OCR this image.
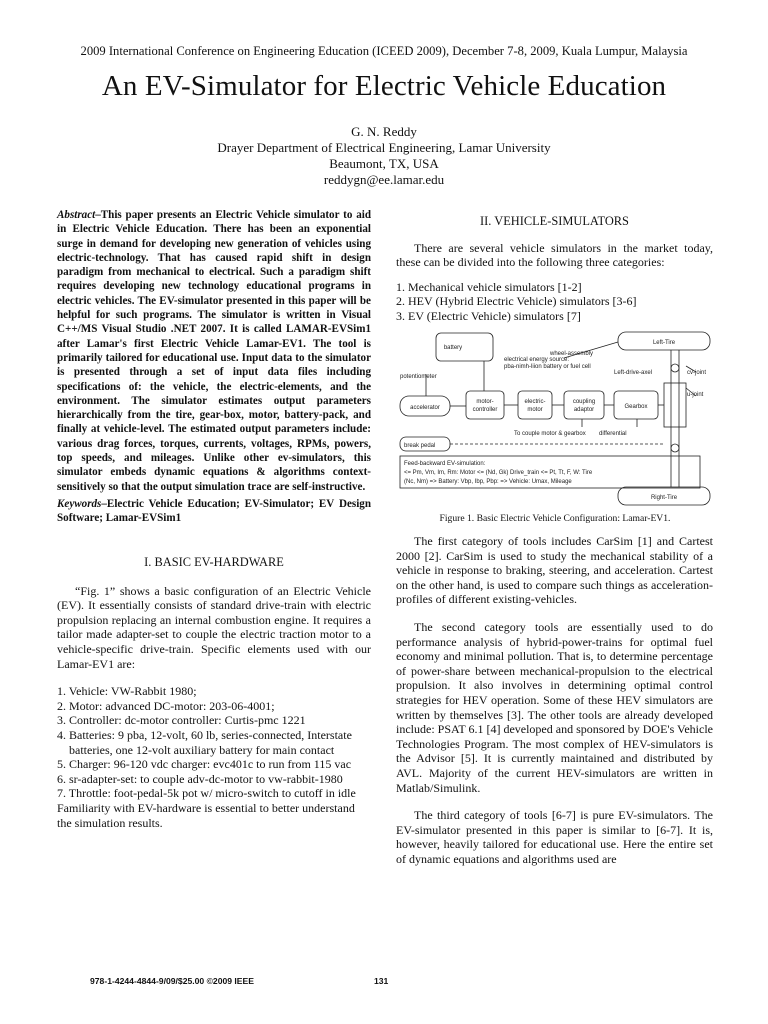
2009 International Conference on Engineering Education (ICEED 2009), December 7-8, 2009, Kuala Lumpur, Malaysia
An EV-Simulator for Electric Vehicle Education
G. N. Reddy
Drayer Department of Electrical Engineering, Lamar University
Beaumont, TX, USA
reddygn@ee.lamar.edu
Abstract–This paper presents an Electric Vehicle simulator to aid in Electric Vehicle Education. There has been an exponential surge in demand for developing new generation of vehicles using electric-technology. That has caused rapid shift in design paradigm from mechanical to electrical. Such a paradigm shift requires developing new technology educational programs in electric vehicles. The EV-simulator presented in this paper will be helpful for such programs. The simulator is written in Visual C++/MS Visual Studio .NET 2007. It is called LAMAR-EVSim1 after Lamar's first Electric Vehicle Lamar-EV1. The tool is primarily tailored for educational use. Input data to the simulator is presented through a set of input data files including specifications of: the vehicle, the electric-elements, and the environment. The simulator estimates output parameters hierarchically from the tire, gear-box, motor, battery-pack, and finally at vehicle-level. The estimated output parameters include: various drag forces, torques, currents, voltages, RPMs, powers, top speeds, and mileages. Unlike other ev-simulators, this simulator embeds dynamic equations & algorithms context-sensitively so that the output simulation trace are self-instructive.
Keywords–Electric Vehicle Education; EV-Simulator; EV Design Software; Lamar-EVSim1
I. BASIC EV-HARDWARE

“Fig. 1” shows a basic configuration of an Electric Vehicle (EV). It essentially consists of standard drive-train with electric propulsion replacing an internal combustion engine. It requires a tailor made adapter-set to couple the electric traction motor to a vehicle-specific drive-train. Specific elements used with our Lamar-EV1 are:

1. Vehicle: VW-Rabbit 1980;
2. Motor: advanced DC-motor: 203-06-4001;
3. Controller: dc-motor controller: Curtis-pmc 1221
4. Batteries: 9 pba, 12-volt, 60 lb, series-connected, Interstate batteries, one 12-volt auxiliary battery for main contact
5. Charger: 96-120 vdc charger: evc401c to run from 115 vac
6. sr-adapter-set: to couple adv-dc-motor to vw-rabbit-1980
7. Throttle: foot-pedal-5k pot w/ micro-switch to cutoff in idle
Familiarity with EV-hardware is essential to better understand the simulation results.
II. VEHICLE-SIMULATORS

There are several vehicle simulators in the market today, these can be divided into the following three categories:

1. Mechanical vehicle simulators [1-2]
2. HEV (Hybrid Electric Vehicle) simulators [3-6]
3. EV (Electric Vehicle) simulators [7]
battery
electrical energy source:
pba-nimh-liion battery or fuel cell
wheel-assembly
Left-Tire
Left-drive-axel	cv-joint
potentiometer
u-joint
accelerator
motor-
controller
electric-
motor
coupling
adaptor	Gearbox
To couple motor & gearbox differential
break pedal
Feed-backward EV-simulation:
<= Pm, Vm, Im, Rm: Motor <= (Nd, Gk) Drive_train <= Pt, Tt, F, W: Tire
(Nc, Nm) => Battery: Vbp, Ibp, Pbp: => Vehicle: Umax, Mileage
Right-Tire
Figure 1. Basic Electric Vehicle Configuration: Lamar-EV1.

The first category of tools includes CarSim [1] and Cartest 2000 [2]. CarSim is used to study the mechanical stability of a vehicle in response to braking, steering, and acceleration. Cartest on the other hand, is used to compare such things as acceleration-profiles of different existing-vehicles.

The second category tools are essentially used to do performance analysis of hybrid-power-trains for optimal fuel economy and minimal pollution. That is, to determine percentage of power-share between mechanical-propulsion to the electrical propulsion. It also involves in determining optimal control strategies for HEV operation. Some of these HEV simulators are written by themselves [3]. The other tools are already developed include: PSAT 6.1 [4] developed and sponsored by DOE's Vehicle Technologies Program. The most complex of HEV-simulators is the Advisor [5]. It is currently maintained and distributed by AVL. Majority of the current HEV-simulators are written in Matlab/Simulink.

The third category of tools [6-7] is pure EV-simulators. The EV-simulator presented in this paper is similar to [6-7]. It is, however, heavily tailored for educational use. Here the entire set of dynamic equations and algorithms used are

978-1-4244-4844-9/09/$25.00 ©2009 IEEE	131
